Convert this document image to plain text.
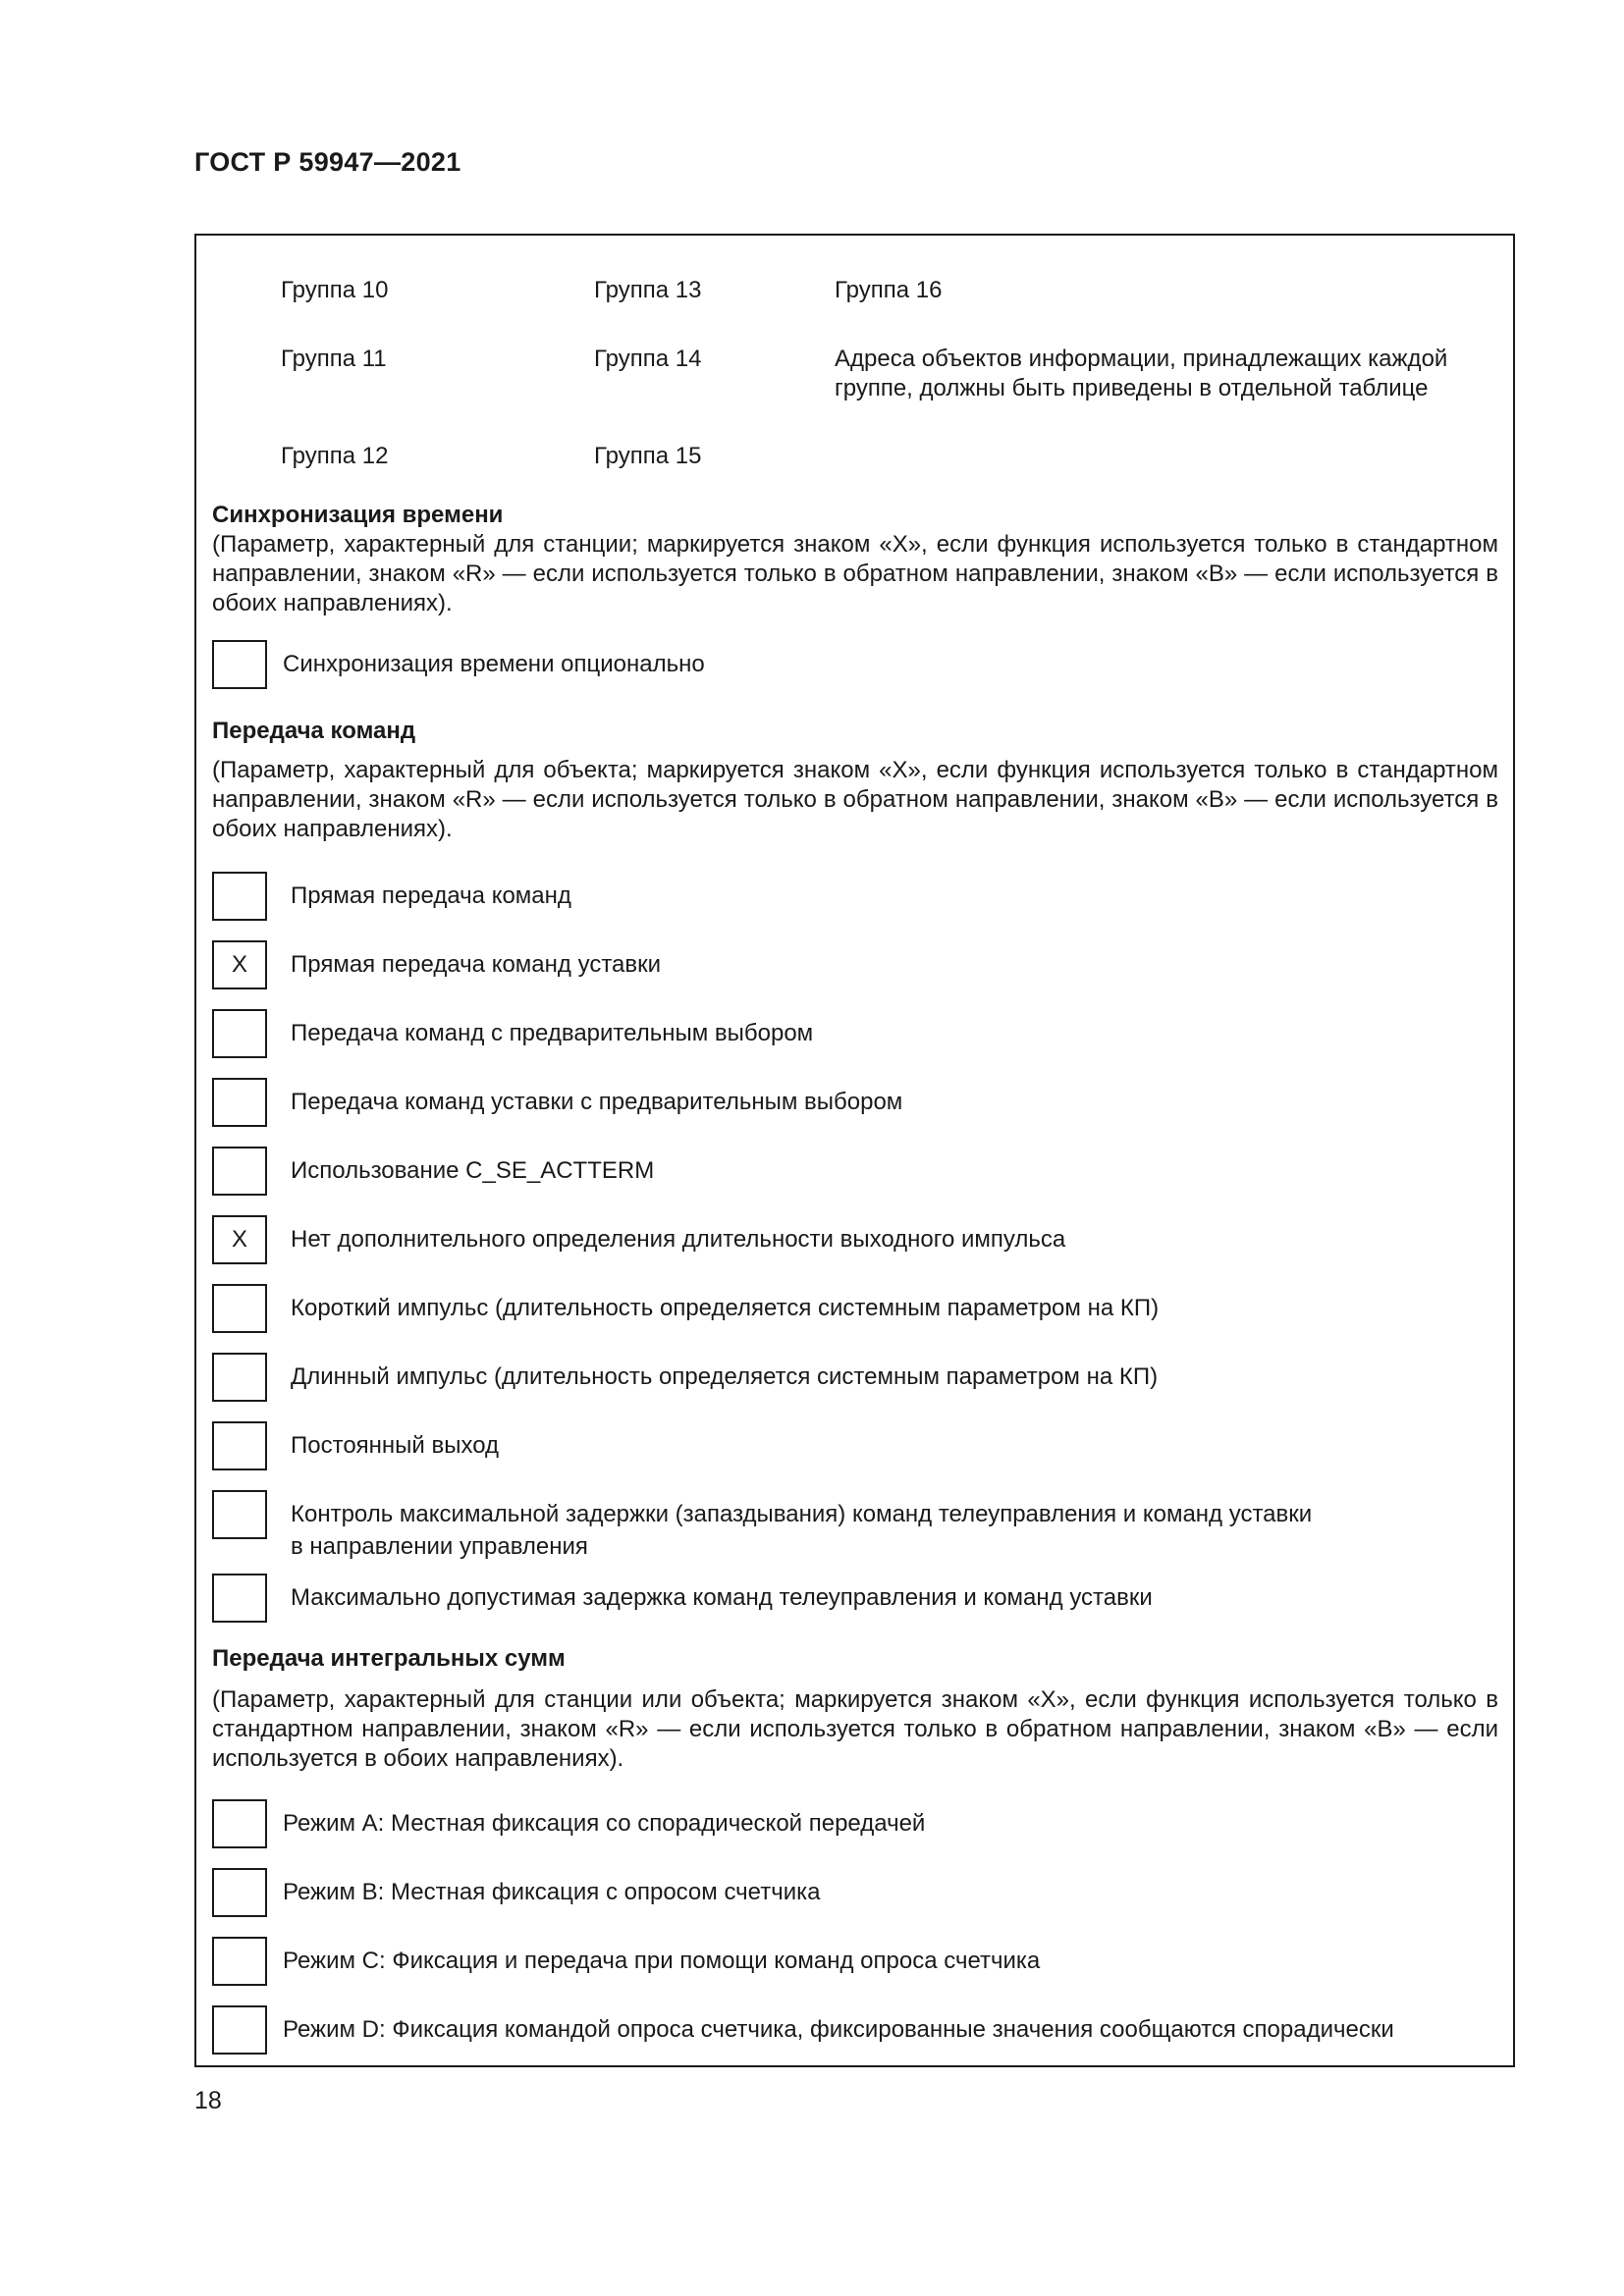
ГОСТ Р 59947—2021
Группа 10	Группа 13	Группа 16
Группа 11	Группа 14	Адреса объектов информации, принадлежащих каждой
группе, должны быть приведены в отдельной таблице
Группа 12	Группа 15
Синхронизация времени
(Параметр, характерный для станции; маркируется знаком «X», если функция используется только в стандартном направлении, знаком «R» — если используется только в обратном направлении, знаком «B» — если используется в обоих направлениях).
Синхронизация времени опционально
Передача команд
(Параметр, характерный для объекта; маркируется знаком «X», если функция используется только в стандартном направлении, знаком «R» — если используется только в обратном направлении, знаком «B» — если используется в обоих направлениях).
Прямая передача команд
X	Прямая передача команд уставки
Передача команд с предварительным выбором
Передача команд уставки с предварительным выбором
Использование C_SE_ACTTERM
X	Нет дополнительного определения длительности выходного импульса
Короткий импульс (длительность определяется системным параметром на КП)
Длинный импульс (длительность определяется системным параметром на КП)
Постоянный выход
Контроль максимальной задержки (запаздывания) команд телеуправления и команд уставки
в направлении управления
Максимально допустимая задержка команд телеуправления и команд уставки
Передача интегральных сумм
(Параметр, характерный для станции или объекта; маркируется знаком «X», если функция используется только в стандартном направлении, знаком «R» — если используется только в обратном направлении, знаком «B» — если используется в обоих направлениях).
Режим A: Местная фиксация со спорадической передачей
Режим B: Местная фиксация с опросом счетчика
Режим C: Фиксация и передача при помощи команд опроса счетчика
Режим D: Фиксация командой опроса счетчика, фиксированные значения сообщаются спорадически
18
